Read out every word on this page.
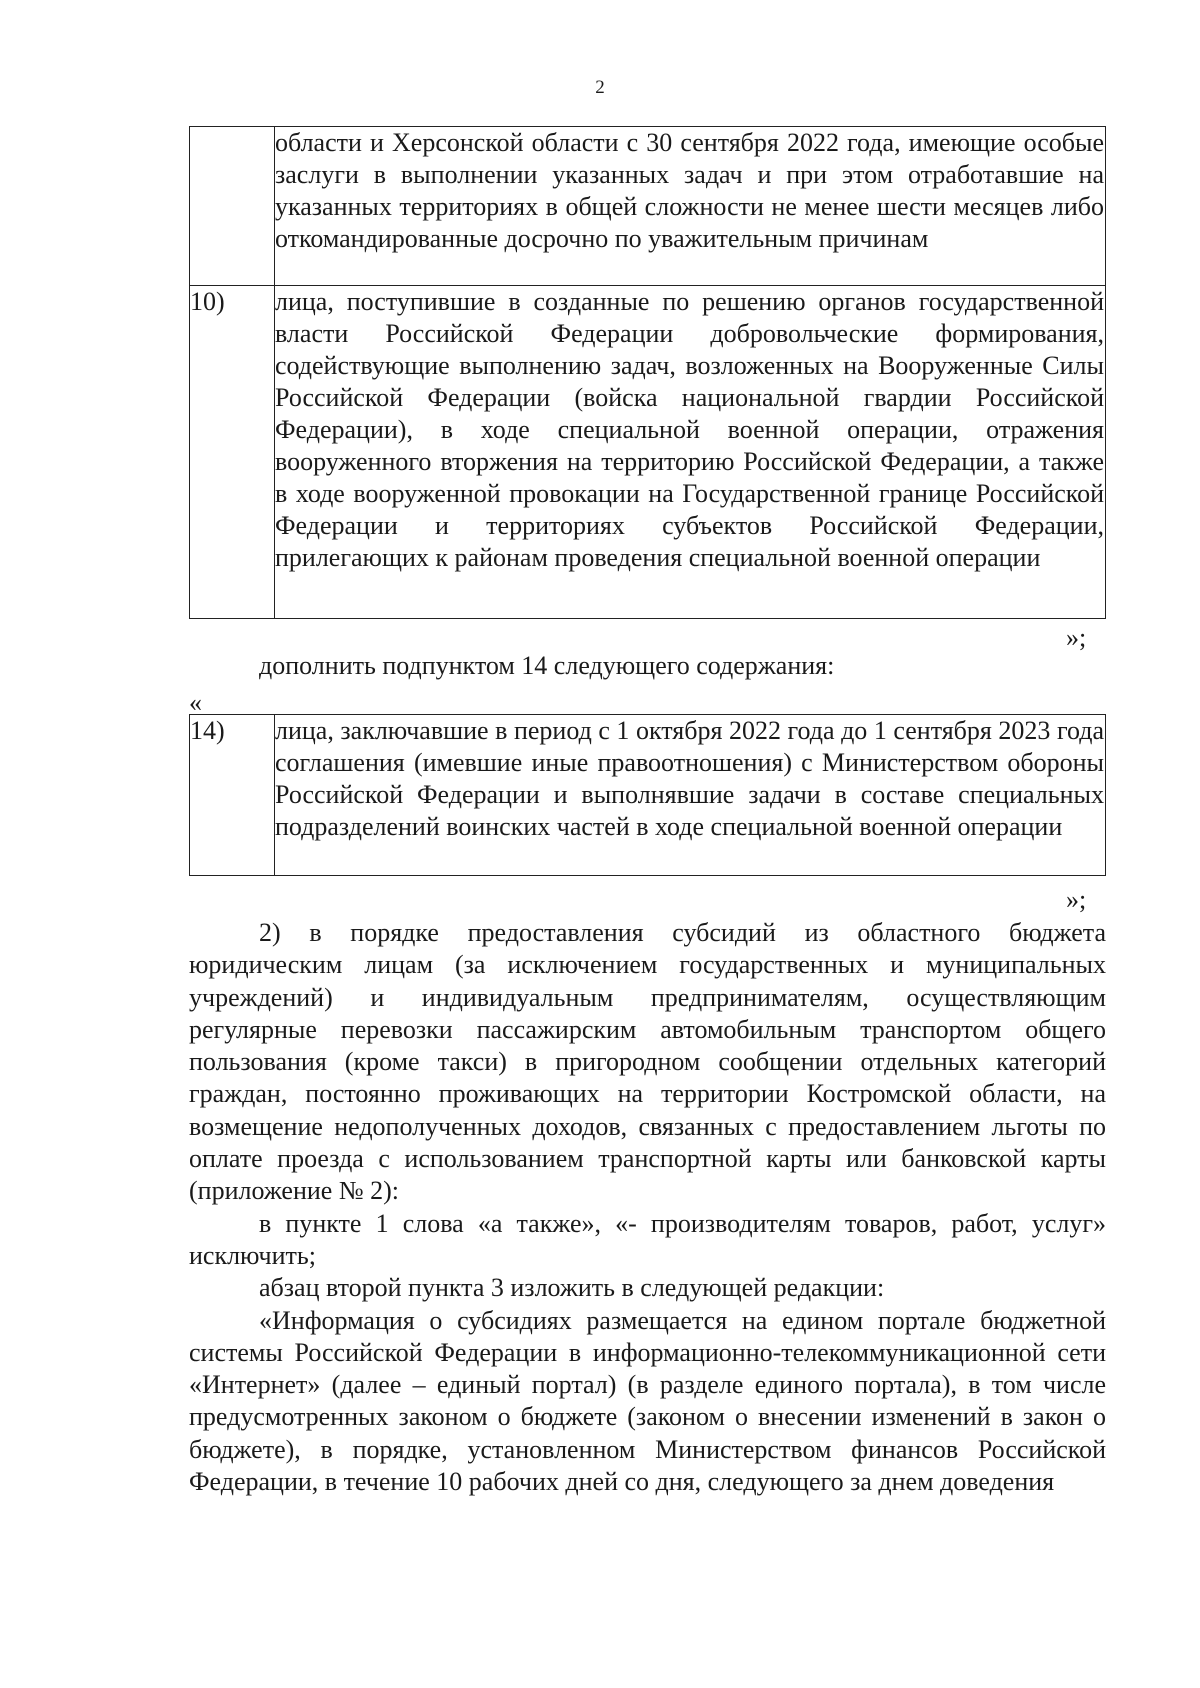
2
	области и Херсонской области с 30 сентября 2022 года, имеющие особые заслуги в выполнении указанных задач и при этом отработавшие на указанных территориях в общей сложности не менее шести месяцев либо откомандированные досрочно по уважительным причинам
10)	лица, поступившие в созданные по решению органов государственной власти Российской Федерации добровольческие формирования, содействующие выполнению задач, возложенных на Вооруженные Силы Российской Федерации (войска национальной гвардии Российской Федерации), в ходе специальной военной операции, отражения вооруженного вторжения на территорию Российской Федерации, а также в ходе вооруженной провокации на Государственной границе Российской Федерации и территориях субъектов Российской Федерации, прилегающих к районам проведения специальной военной операции
»;
дополнить подпунктом 14 следующего содержания:
«
14)	лица, заключавшие в период с 1 октября 2022 года до 1 сентября 2023 года соглашения (имевшие иные правоотношения) с Министерством обороны Российской Федерации и выполнявшие задачи в составе специальных подразделений воинских частей в ходе специальной военной операции
»;

2) в порядке предоставления субсидий из областного бюджета юридическим лицам (за исключением государственных и муниципальных учреждений) и индивидуальным предпринимателям, осуществляющим регулярные перевозки пассажирским автомобильным транспортом общего пользования (кроме такси) в пригородном сообщении отдельных категорий граждан, постоянно проживающих на территории Костромской области, на возмещение недополученных доходов, связанных с предоставлением льготы по оплате проезда с использованием транспортной карты или банковской карты (приложение № 2):

в пункте 1 слова «а также», «- производителям товаров, работ, услуг» исключить;

абзац второй пункта 3 изложить в следующей редакции:

«Информация о субсидиях размещается на едином портале бюджетной системы Российской Федерации в информационно-телекоммуникационной сети «Интернет» (далее – единый портал) (в разделе единого портала), в том числе предусмотренных законом о бюджете (законом о внесении изменений в закон о бюджете), в порядке, установленном Министерством финансов Российской Федерации, в течение 10 рабочих дней со дня, следующего за днем доведения
